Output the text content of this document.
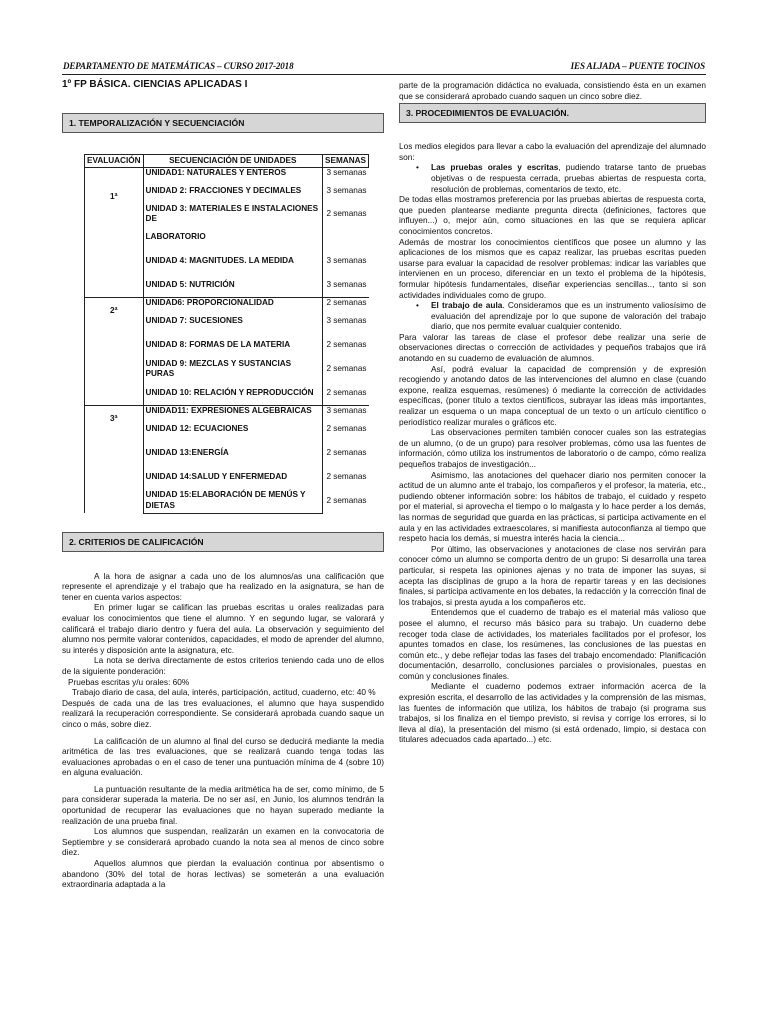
DEPARTAMENTO DE MATEMÁTICAS – CURSO 2017-2018	IES ALJADA – PUENTE TOCINOS
1º FP BÁSICA. CIENCIAS APLICADAS I
1. TEMPORALIZACIÓN Y SECUENCIACIÓN
EVALUACIÓN	SECUENCIACIÓN DE UNIDADES	SEMANAS
1ª	UNIDAD1: NATURALES Y ENTEROS	3 semanas
	UNIDAD 2: FRACCIONES Y DECIMALES	3 semanas
	UNIDAD 3: MATERIALES E INSTALACIONES DE	2 semanas
	LABORATORIO	
	UNIDAD 4: MAGNITUDES. LA MEDIDA	3 semanas
	UNIDAD 5: NUTRICIÓN	3 semanas
2ª	UNIDAD6: PROPORCIONALIDAD	2 semanas
	UNIDAD 7: SUCESIONES	3 semanas
	UNIDAD 8: FORMAS DE LA MATERIA	2 semanas
	UNIDAD 9: MEZCLAS Y SUSTANCIAS PURAS	2 semanas
	UNIDAD 10: RELACIÓN Y REPRODUCCIÓN	2 semanas
3ª	UNIDAD11: EXPRESIONES ALGEBRAICAS	3 semanas
	UNIDAD 12: ECUACIONES	2 semanas
	UNIDAD 13:ENERGÍA	2 semanas
	UNIDAD 14:SALUD Y ENFERMEDAD	2 semanas
	UNIDAD 15:ELABORACIÓN DE MENÚS Y DIETAS	2 semanas
2. CRITERIOS DE CALIFICACIÓN

A la hora de asignar a cada uno de los alumnos/as una calificación que represente el aprendizaje y el trabajo que ha realizado en la asignatura, se han de tener en cuenta varios aspectos:

En primer lugar se califican las pruebas escritas u orales realizadas para evaluar los conocimientos que tiene el alumno. Y en segundo lugar, se valorará y calificará el trabajo diario dentro y fuera del aula. La observación y seguimiento del alumno nos permite valorar contenidos, capacidades, el modo de aprender del alumno, su interés y disposición ante la asignatura, etc.

La nota se deriva directamente de estos criterios teniendo cada uno de ellos de la siguiente ponderación:

Pruebas escritas y/u orales: 60%

Trabajo diario de casa, del aula, interés, participación, actitud, cuaderno, etc: 40 %

Después de cada una de las tres evaluaciones, el alumno que haya suspendido realizará la recuperación correspondiente. Se considerará aprobada cuando saque un cinco o más, sobre diez.

La calificación de un alumno al final del curso se deducirá mediante la media aritmética de las tres evaluaciones, que se realizará cuando tenga todas las evaluaciones aprobadas o en el caso de tener una puntuación mínima de 4 (sobre 10) en alguna evaluación.

La puntuación resultante de la media aritmética ha de ser, como mínimo, de 5 para considerar superada la materia. De no ser así, en Junio, los alumnos tendrán la oportunidad de recuperar las evaluaciones que no hayan superado mediante la realización de una prueba final.

Los alumnos que suspendan, realizarán un examen en la convocatoria de Septiembre y se considerará aprobado cuando la nota sea al menos de cinco sobre diez.

Aquellos alumnos que pierdan la evaluación continua por absentismo o abandono (30% del total de horas lectivas) se someterán a una evaluación extraordinaria adaptada a la

parte de la programación didáctica no evaluada, consistiendo ésta en un examen que se considerará aprobado cuando saquen un cinco sobre diez.

3. PROCEDIMIENTOS DE EVALUACIÓN.

Los medios elegidos para llevar a cabo la evaluación del aprendizaje del alumnado son:

• Las pruebas orales y escritas, pudiendo tratarse tanto de pruebas objetivas o de respuesta cerrada, pruebas abiertas de respuesta corta, resolución de problemas, comentarios de texto, etc.

De todas ellas mostramos preferencia por las pruebas abiertas de respuesta corta, que pueden plantearse mediante pregunta directa (definiciones, factores que influyen...) o, mejor aún, como situaciones en las que se requiera aplicar conocimientos concretos.

Además de mostrar los conocimientos científicos que posee un alumno y las aplicaciones de los mismos que es capaz realizar, las pruebas escritas pueden usarse para evaluar la capacidad de resolver problemas: indicar las variables que intervienen en un proceso, diferenciar en un texto el problema de la hipótesis, formular hipótesis fundamentales, diseñar experiencias sencillas.., tanto si son actividades individuales como de grupo.

• El trabajo de aula. Consideramos que es un instrumento valiosísimo de evaluación del aprendizaje por lo que supone de valoración del trabajo diario, que nos permite evaluar cualquier contenido.

Para valorar las tareas de clase el profesor debe realizar una serie de observaciones directas o corrección de actividades y pequeños trabajos que irá anotando en su cuaderno de evaluación de alumnos.

Así, podrá evaluar la capacidad de comprensión y de expresión recogiendo y anotando datos de las intervenciones del alumno en clase (cuando expone, realiza esquemas, resúmenes) ó mediante la corrección de actividades específicas, (poner título a textos científicos, subrayar las ideas más importantes, realizar un esquema o un mapa conceptual de un texto o un artículo científico o periodístico realizar murales o gráficos etc.

Las observaciones permiten también conocer cuales son las estrategias de un alumno, (o de un grupo) para resolver problemas, cómo usa las fuentes de información, cómo utiliza los instrumentos de laboratorio o de campo, cómo realiza pequeños trabajos de investigación...

Asimismo, las anotaciones del quehacer diario nos permiten conocer la actitud de un alumno ante el trabajo, los compañeros y el profesor, la materia, etc., pudiendo obtener información sobre: los hábitos de trabajo, el cuidado y respeto por el material, si aprovecha el tiempo o lo malgasta y lo hace perder a los demás, las normas de seguridad que guarda en las prácticas, si participa activamente en el aula y en las actividades extraescolares, si manifiesta autoconfianza al tiempo que respeto hacia los demás, si muestra interés hacia la ciencia...

Por último, las observaciones y anotaciones de clase nos servirán para conocer cómo un alumno se comporta dentro de un grupo: Si desarrolla una tarea particular, si respeta las opiniones ajenas y no trata de imponer las suyas, si acepta las disciplinas de grupo a la hora de repartir tareas y en las decisiones finales, si participa activamente en los debates, la redacción y la corrección final de los trabajos, si presta ayuda a los compañeros etc.

Entendemos que el cuaderno de trabajo es el material más valioso que posee el alumno, el recurso más básico para su trabajo. Un cuaderno debe recoger toda clase de actividades, los materiales facilitados por el profesor, los apuntes tomados en clase, los resúmenes, las conclusiones de las puestas en común etc., y debe reflejar todas las fases del trabajo encomendado: Planificación documentación, desarrollo, conclusiones parciales o provisionales, puestas en común y conclusiones finales.

Mediante el cuaderno podemos extraer información acerca de la expresión escrita, el desarrollo de las actividades y la comprensión de las mismas, las fuentes de información que utiliza, los hábitos de trabajo (si programa sus trabajos, si los finaliza en el tiempo previsto, si revisa y corrige los errores, si lo lleva al día), la presentación del mismo (si está ordenado, limpio, si destaca con titulares adecuados cada apartado...) etc.
